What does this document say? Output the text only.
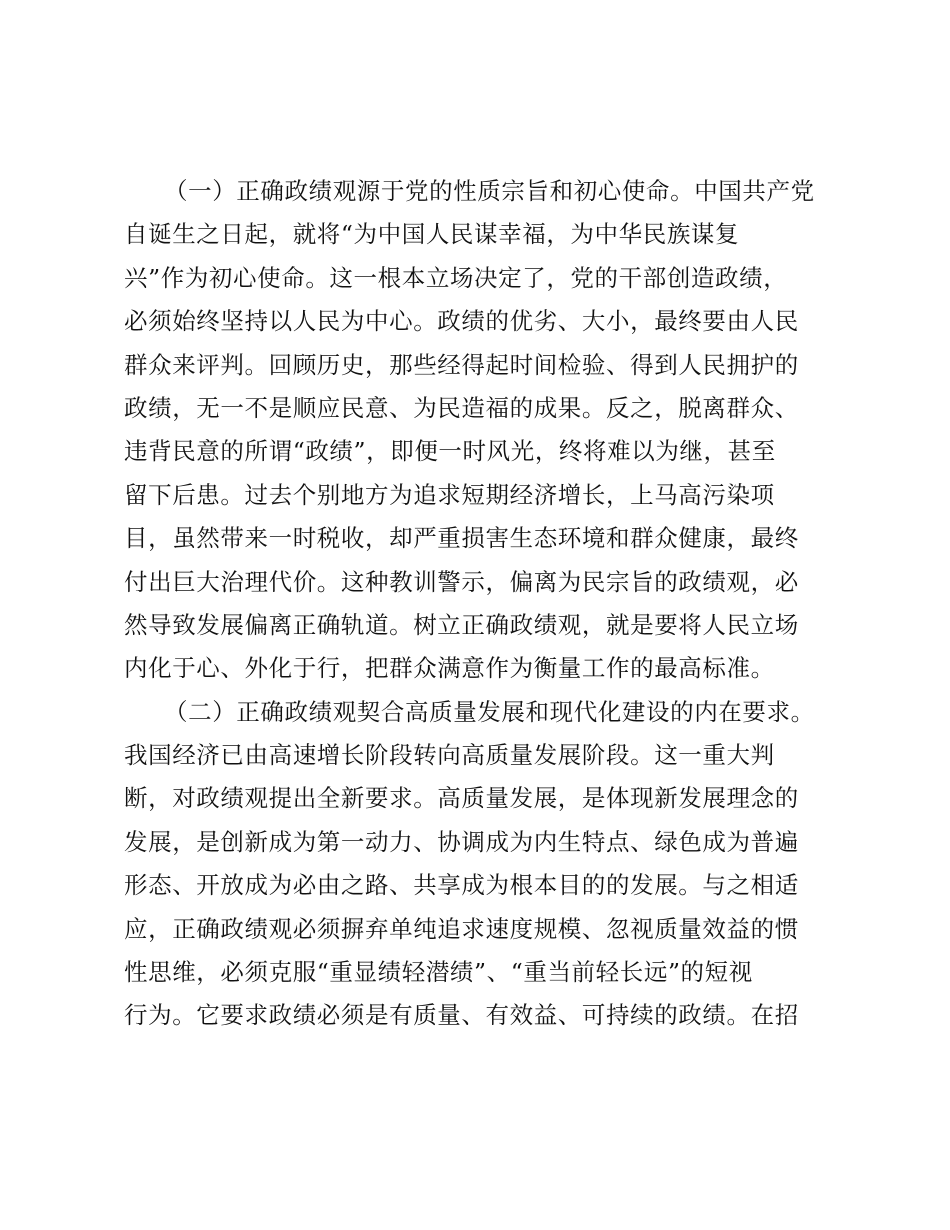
（一）正确政绩观源于党的性质宗旨和初心使命。中国共产党
自诞生之日起，就将“为中国人民谋幸福，为中华民族谋复
兴”作为初心使命。这一根本立场决定了，党的干部创造政绩，
必须始终坚持以人民为中心。政绩的优劣、大小，最终要由人民
群众来评判。回顾历史，那些经得起时间检验、得到人民拥护的
政绩，无一不是顺应民意、为民造福的成果。反之，脱离群众、
违背民意的所谓“政绩”，即便一时风光，终将难以为继，甚至
留下后患。过去个别地方为追求短期经济增长，上马高污染项
目，虽然带来一时税收，却严重损害生态环境和群众健康，最终
付出巨大治理代价。这种教训警示，偏离为民宗旨的政绩观，必
然导致发展偏离正确轨道。树立正确政绩观，就是要将人民立场
内化于心、外化于行，把群众满意作为衡量工作的最高标准。
（二）正确政绩观契合高质量发展和现代化建设的内在要求。
我国经济已由高速增长阶段转向高质量发展阶段。这一重大判
断，对政绩观提出全新要求。高质量发展，是体现新发展理念的
发展，是创新成为第一动力、协调成为内生特点、绿色成为普遍
形态、开放成为必由之路、共享成为根本目的的发展。与之相适
应，正确政绩观必须摒弃单纯追求速度规模、忽视质量效益的惯
性思维，必须克服“重显绩轻潜绩”、“重当前轻长远”的短视
行为。它要求政绩必须是有质量、有效益、可持续的政绩。在招
